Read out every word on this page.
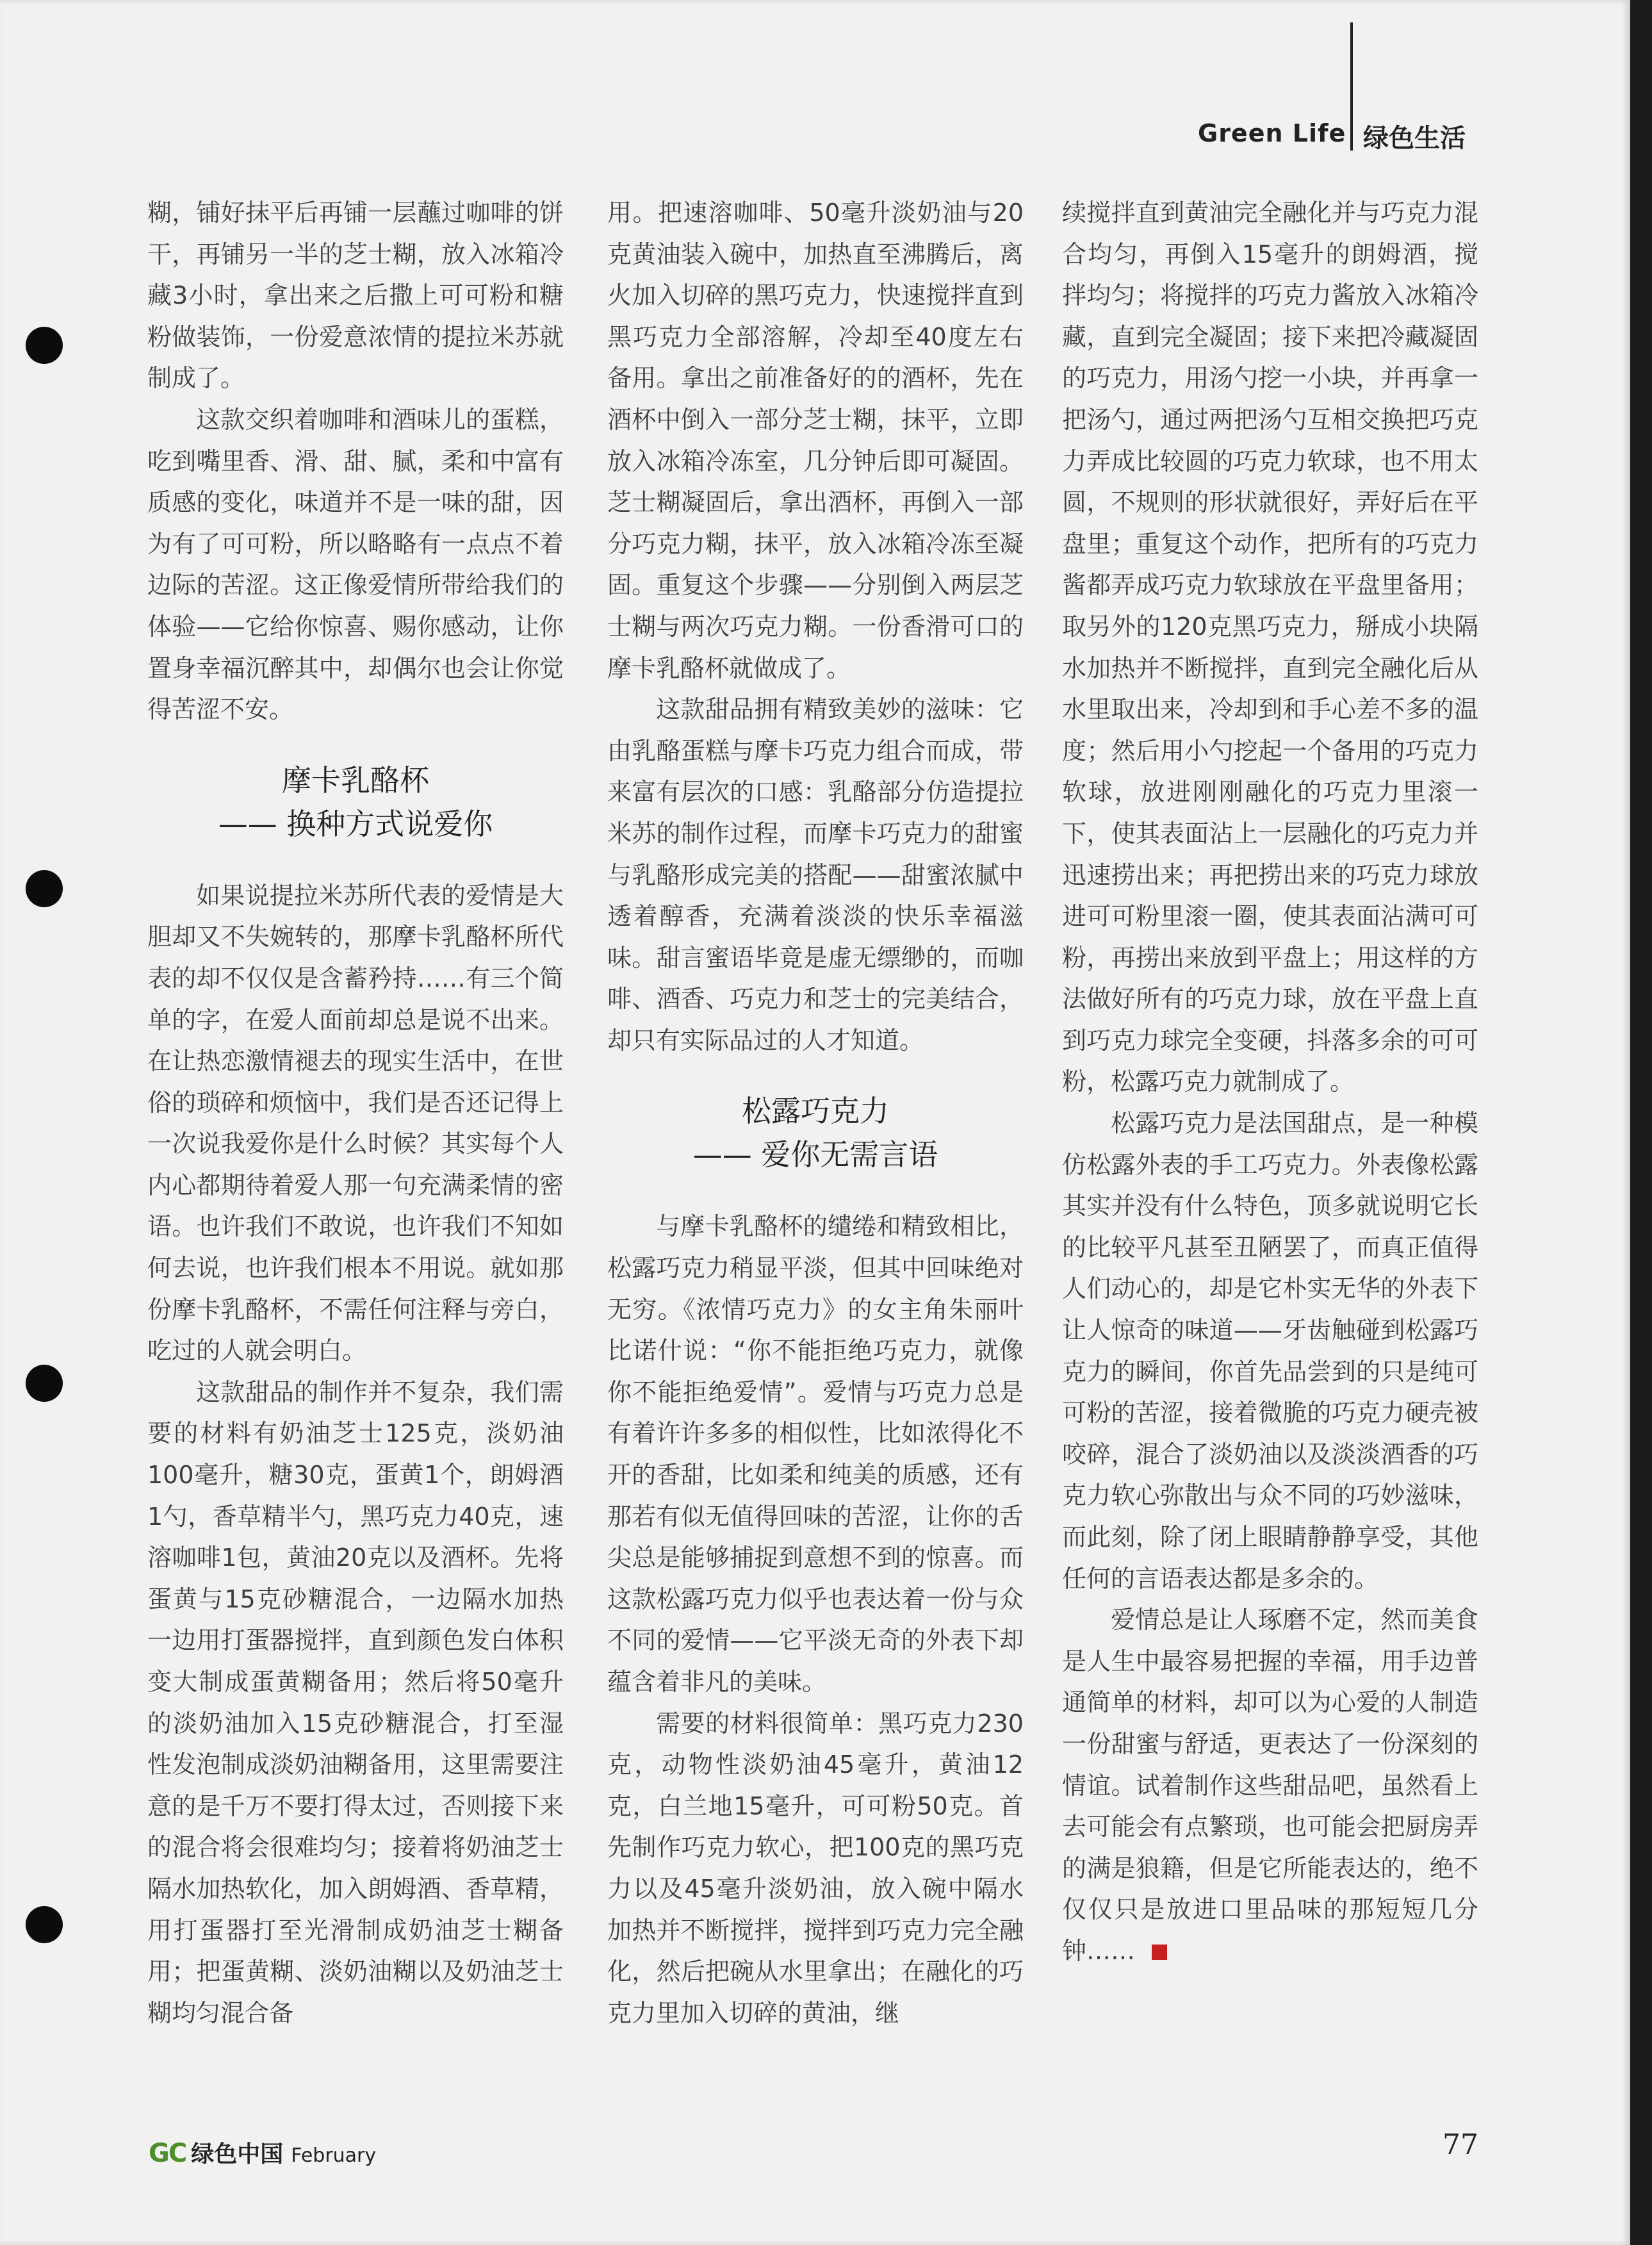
Green Life 绿色生活

糊，铺好抹平后再铺一层蘸过咖啡的饼干，再铺另一半的芝士糊，放入冰箱冷藏3小时，拿出来之后撒上可可粉和糖粉做装饰，一份爱意浓情的提拉米苏就制成了。

这款交织着咖啡和酒味儿的蛋糕，吃到嘴里香、滑、甜、腻，柔和中富有质感的变化，味道并不是一味的甜，因为有了可可粉，所以略略有一点点不着边际的苦涩。这正像爱情所带给我们的体验——它给你惊喜、赐你感动，让你置身幸福沉醉其中，却偶尔也会让你觉得苦涩不安。

摩卡乳酪杯
—— 换种方式说爱你

如果说提拉米苏所代表的爱情是大胆却又不失婉转的，那摩卡乳酪杯所代表的却不仅仅是含蓄矜持……有三个简单的字，在爱人面前却总是说不出来。在让热恋激情褪去的现实生活中，在世俗的琐碎和烦恼中，我们是否还记得上一次说我爱你是什么时候？其实每个人内心都期待着爱人那一句充满柔情的密语。也许我们不敢说，也许我们不知如何去说，也许我们根本不用说。就如那份摩卡乳酪杯，不需任何注释与旁白，吃过的人就会明白。

这款甜品的制作并不复杂，我们需要的材料有奶油芝士125克，淡奶油100毫升，糖30克，蛋黄1个，朗姆酒1勺，香草精半勺，黑巧克力40克，速溶咖啡1包，黄油20克以及酒杯。先将蛋黄与15克砂糖混合，一边隔水加热一边用打蛋器搅拌，直到颜色发白体积变大制成蛋黄糊备用；然后将50毫升的淡奶油加入15克砂糖混合，打至湿性发泡制成淡奶油糊备用，这里需要注意的是千万不要打得太过，否则接下来的混合将会很难均匀；接着将奶油芝士隔水加热软化，加入朗姆酒、香草精，用打蛋器打至光滑制成奶油芝士糊备用；把蛋黄糊、淡奶油糊以及奶油芝士糊均匀混合备

用。把速溶咖啡、50毫升淡奶油与20克黄油装入碗中，加热直至沸腾后，离火加入切碎的黑巧克力，快速搅拌直到黑巧克力全部溶解，冷却至40度左右备用。拿出之前准备好的的酒杯，先在酒杯中倒入一部分芝士糊，抹平，立即放入冰箱冷冻室，几分钟后即可凝固。芝士糊凝固后，拿出酒杯，再倒入一部分巧克力糊，抹平，放入冰箱冷冻至凝固。重复这个步骤——分别倒入两层芝士糊与两次巧克力糊。一份香滑可口的摩卡乳酪杯就做成了。

这款甜品拥有精致美妙的滋味：它由乳酪蛋糕与摩卡巧克力组合而成，带来富有层次的口感：乳酪部分仿造提拉米苏的制作过程，而摩卡巧克力的甜蜜与乳酪形成完美的搭配——甜蜜浓腻中透着醇香，充满着淡淡的快乐幸福滋味。甜言蜜语毕竟是虚无缥缈的，而咖啡、酒香、巧克力和芝士的完美结合，却只有实际品过的人才知道。

松露巧克力
—— 爱你无需言语

与摩卡乳酪杯的缱绻和精致相比，松露巧克力稍显平淡，但其中回味绝对无穷。《浓情巧克力》的女主角朱丽叶比诺什说：“你不能拒绝巧克力，就像你不能拒绝爱情”。爱情与巧克力总是有着许许多多的相似性，比如浓得化不开的香甜，比如柔和纯美的质感，还有那若有似无值得回味的苦涩，让你的舌尖总是能够捕捉到意想不到的惊喜。而这款松露巧克力似乎也表达着一份与众不同的爱情——它平淡无奇的外表下却蕴含着非凡的美味。

需要的材料很简单：黑巧克力230克，动物性淡奶油45毫升，黄油12克，白兰地15毫升，可可粉50克。首先制作巧克力软心，把100克的黑巧克力以及45毫升淡奶油，放入碗中隔水加热并不断搅拌，搅拌到巧克力完全融化，然后把碗从水里拿出；在融化的巧克力里加入切碎的黄油，继

续搅拌直到黄油完全融化并与巧克力混合均匀，再倒入15毫升的朗姆酒，搅拌均匀；将搅拌的巧克力酱放入冰箱冷藏，直到完全凝固；接下来把冷藏凝固的巧克力，用汤勺挖一小块，并再拿一把汤勺，通过两把汤勺互相交换把巧克力弄成比较圆的巧克力软球，也不用太圆，不规则的形状就很好，弄好后在平盘里；重复这个动作，把所有的巧克力酱都弄成巧克力软球放在平盘里备用；取另外的120克黑巧克力，掰成小块隔水加热并不断搅拌，直到完全融化后从水里取出来，冷却到和手心差不多的温度；然后用小勺挖起一个备用的巧克力软球，放进刚刚融化的巧克力里滚一下，使其表面沾上一层融化的巧克力并迅速捞出来；再把捞出来的巧克力球放进可可粉里滚一圈，使其表面沾满可可粉，再捞出来放到平盘上；用这样的方法做好所有的巧克力球，放在平盘上直到巧克力球完全变硬，抖落多余的可可粉，松露巧克力就制成了。

松露巧克力是法国甜点，是一种模仿松露外表的手工巧克力。外表像松露其实并没有什么特色，顶多就说明它长的比较平凡甚至丑陋罢了，而真正值得人们动心的，却是它朴实无华的外表下让人惊奇的味道——牙齿触碰到松露巧克力的瞬间，你首先品尝到的只是纯可可粉的苦涩，接着微脆的巧克力硬壳被咬碎，混合了淡奶油以及淡淡酒香的巧克力软心弥散出与众不同的巧妙滋味，而此刻，除了闭上眼睛静静享受，其他任何的言语表达都是多余的。

爱情总是让人琢磨不定，然而美食是人生中最容易把握的幸福，用手边普通简单的材料，却可以为心爱的人制造一份甜蜜与舒适，更表达了一份深刻的情谊。试着制作这些甜品吧，虽然看上去可能会有点繁琐，也可能会把厨房弄的满是狼籍，但是它所能表达的，绝不仅仅只是放进口里品味的那短短几分钟……

GC 绿色中国 February	77
